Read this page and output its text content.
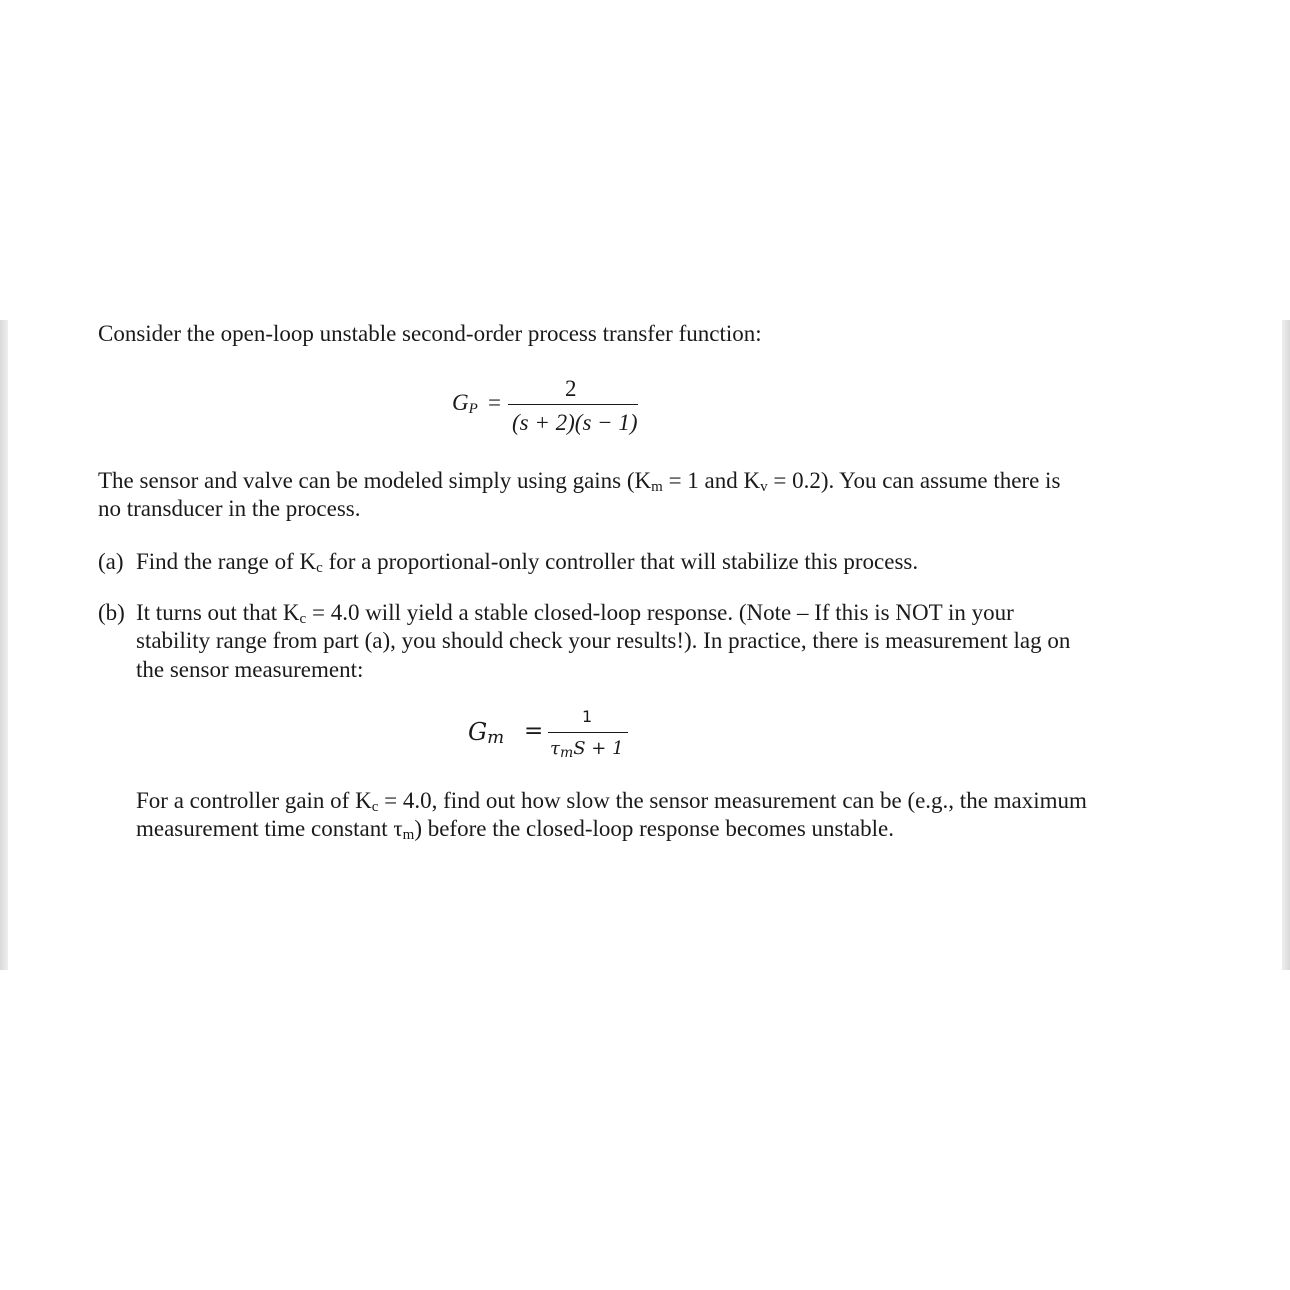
Consider the open-loop unstable second-order process transfer function:

$G_P$ =
2
(s + 2)(s − 1)

The sensor and valve can be modeled simply using gains ($K_m = 1$ and $K_v = 0.2$). You can assume there is

no transducer in the process.

(a) Find the range of $K_c$ for a proportional-only controller that will stabilize this process.

(b) It turns out that $K_c = 4.0$ will yield a stable closed-loop response. (Note – If this is NOT in your

stability range from part (a), you should check your results!). In practice, there is measurement lag on

the sensor measurement:

Gm =
1
τmS + 1

For a controller gain of $K_c = 4.0$, find out how slow the sensor measurement can be (e.g., the maximum

measurement time constant $\tau_m$) before the closed-loop response becomes unstable.
